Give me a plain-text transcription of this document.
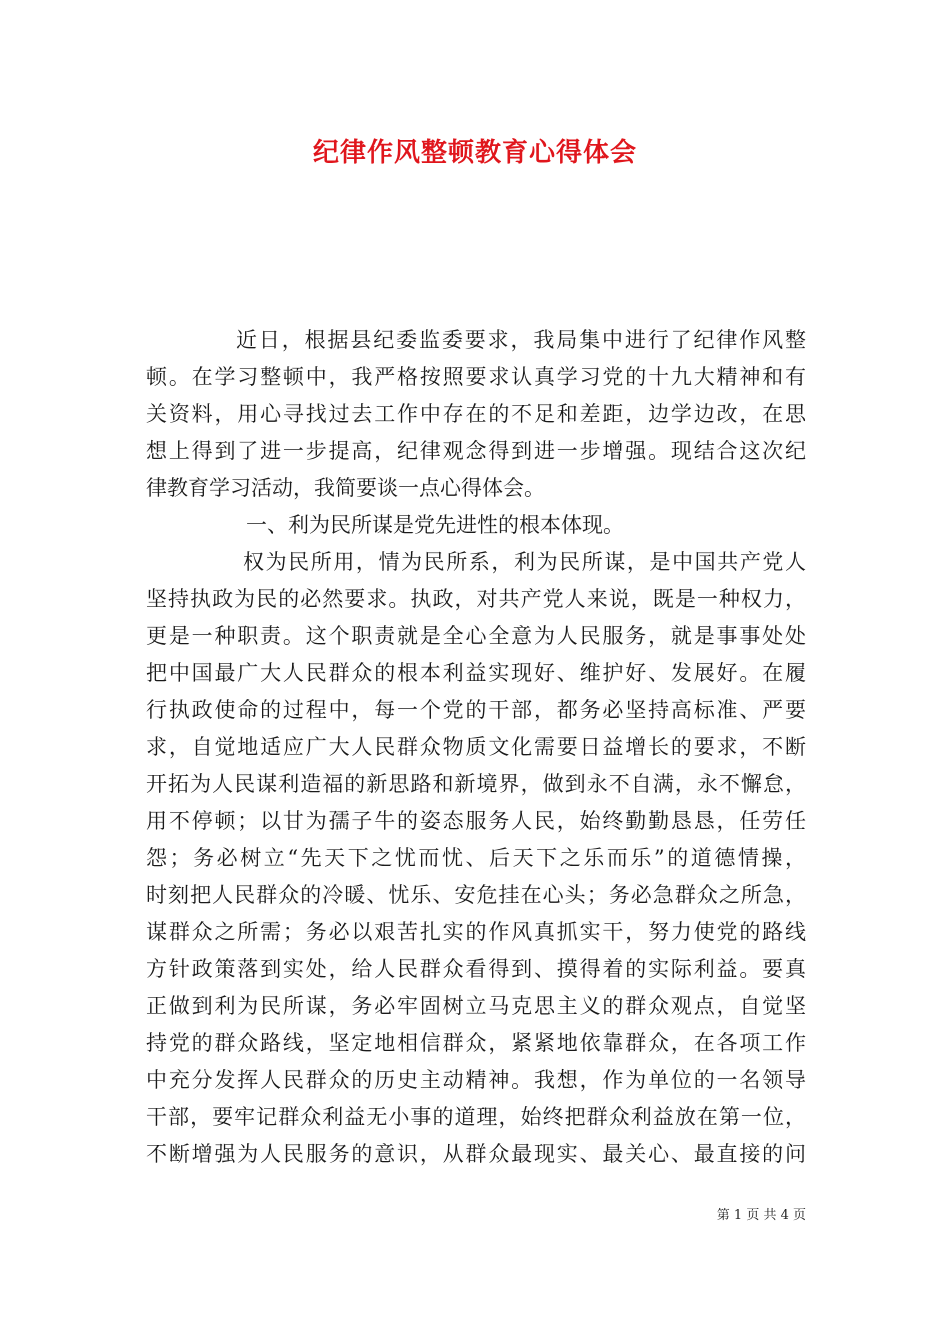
纪律作风整顿教育心得体会
近日，根据县纪委监委要求，我局集中进行了纪律作风整
顿。在学习整顿中，我严格按照要求认真学习党的十九大精神和有
关资料，用心寻找过去工作中存在的不足和差距，边学边改，在思
想上得到了进一步提高，纪律观念得到进一步增强。现结合这次纪
律教育学习活动，我简要谈一点心得体会。
一、利为民所谋是党先进性的根本体现。
权为民所用，情为民所系，利为民所谋，是中国共产党人
坚持执政为民的必然要求。执政，对共产党人来说，既是一种权力，
更是一种职责。这个职责就是全心全意为人民服务，就是事事处处
把中国最广大人民群众的根本利益实现好、维护好、发展好。在履
行执政使命的过程中，每一个党的干部，都务必坚持高标准、严要
求，自觉地适应广大人民群众物质文化需要日益增长的要求，不断
开拓为人民谋利造福的新思路和新境界，做到永不自满，永不懈怠，
用不停顿；以甘为孺子牛的姿态服务人民，始终勤勤恳恳，任劳任
怨；务必树立“先天下之忧而忧、后天下之乐而乐”的道德情操，
时刻把人民群众的冷暖、忧乐、安危挂在心头；务必急群众之所急，
谋群众之所需；务必以艰苦扎实的作风真抓实干，努力使党的路线
方针政策落到实处，给人民群众看得到、摸得着的实际利益。要真
正做到利为民所谋，务必牢固树立马克思主义的群众观点，自觉坚
持党的群众路线，坚定地相信群众，紧紧地依靠群众，在各项工作
中充分发挥人民群众的历史主动精神。我想，作为单位的一名领导
干部，要牢记群众利益无小事的道理，始终把群众利益放在第一位，
不断增强为人民服务的意识，从群众最现实、最关心、最直接的问
第 1 页 共 4 页
